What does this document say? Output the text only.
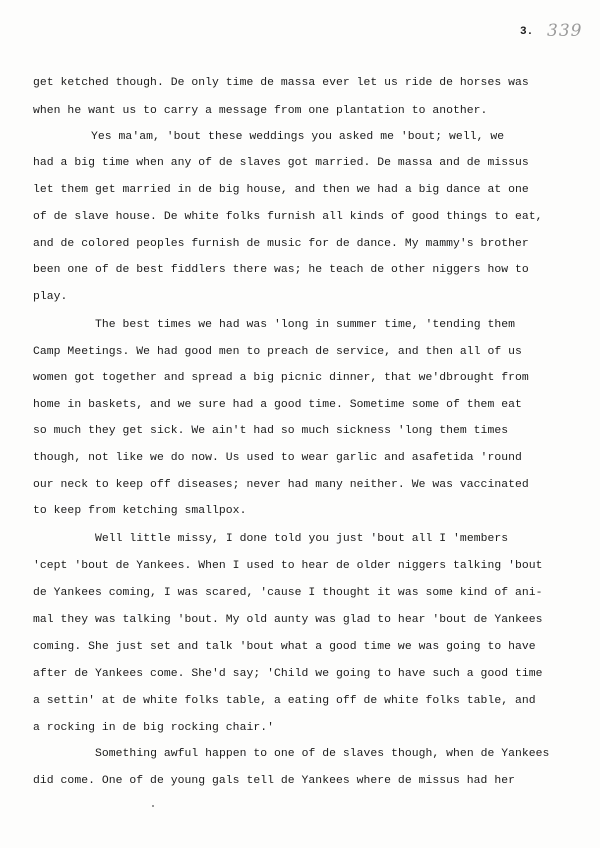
3. 339
get ketched though. De only time de massa ever let us ride de horses was
when he want us to carry a message from one plantation to another.
Yes ma'am, 'bout these weddings you asked me 'bout; well, we
had a big time when any of de slaves got married. De massa and de missus
let them get married in de big house, and then we had a big dance at one
of de slave house. De white folks furnish all kinds of good things to eat,
and de colored peoples furnish de music for de dance. My mammy's brother
been one of de best fiddlers there was; he teach de other niggers how to
play.
The best times we had was 'long in summer time, 'tending them
Camp Meetings. We had good men to preach de service, and then all of us
women got together and spread a big picnic dinner, that we'dbrought from
home in baskets, and we sure had a good time. Sometime some of them eat
so much they get sick. We ain't had so much sickness 'long them times
though, not like we do now. Us used to wear garlic and asafetida 'round
our neck to keep off diseases; never had many neither. We was vaccinated
to keep from ketching smallpox.
Well little missy, I done told you just 'bout all I 'members
'cept 'bout de Yankees. When I used to hear de older niggers talking 'bout
de Yankees coming, I was scared, 'cause I thought it was some kind of ani-
mal they was talking 'bout. My old aunty was glad to hear 'bout de Yankees
coming. She just set and talk 'bout what a good time we was going to have
after de Yankees come. She'd say; 'Child we going to have such a good time
a settin' at de white folks table, a eating off de white folks table, and
a rocking in de big rocking chair.'
Something awful happen to one of de slaves though, when de Yankees
did come. One of de young gals tell de Yankees where de missus had her
